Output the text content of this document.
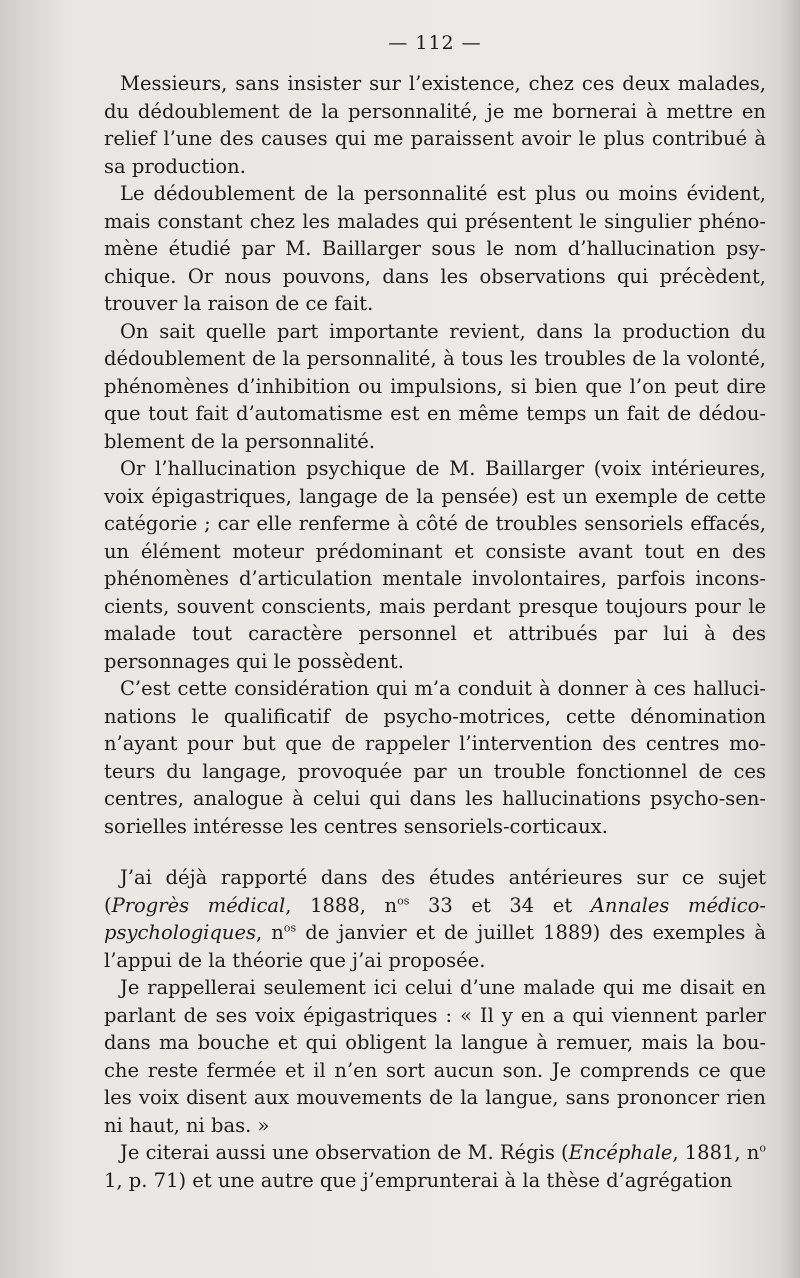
— 112 —

Messieurs, sans insister sur l’existence, chez ces deux malades, du dédoublement de la personnalité, je me bornerai à mettre en relief l’une des causes qui me paraissent avoir le plus contribué à sa production.

Le dédoublement de la personnalité est plus ou moins évident, mais constant chez les malades qui présentent le singulier phéno-mène étudié par M. Baillarger sous le nom d’hallucination psy-chique. Or nous pouvons, dans les observations qui précèdent, trouver la raison de ce fait.

On sait quelle part importante revient, dans la production du dédoublement de la personnalité, à tous les troubles de la volonté, phénomènes d’inhibition ou impulsions, si bien que l’on peut dire que tout fait d’automatisme est en même temps un fait de dédou-blement de la personnalité.

Or l’hallucination psychique de M. Baillarger (voix intérieures, voix épigastriques, langage de la pensée) est un exemple de cette catégorie ; car elle renferme à côté de troubles sensoriels effacés, un élément moteur prédominant et consiste avant tout en des phénomènes d’articulation mentale involontaires, parfois incons-cients, souvent conscients, mais perdant presque toujours pour le malade tout caractère personnel et attribués par lui à des personnages qui le possèdent.

C’est cette considération qui m’a conduit à donner à ces halluci-nations le qualificatif de psycho-motrices, cette dénomination n’ayant pour but que de rappeler l’intervention des centres mo-teurs du langage, provoquée par un trouble fonctionnel de ces centres, analogue à celui qui dans les hallucinations psycho-sen-sorielles intéresse les centres sensoriels-corticaux.

J’ai déjà rapporté dans des études antérieures sur ce sujet (Progrès médical, 1888, $n^{os}$ 33 et 34 et Annales médico-psychologiques, $n^{os}$ de janvier et de juillet 1889) des exemples à l’appui de la théorie que j’ai proposée.

Je rappellerai seulement ici celui d’une malade qui me disait en parlant de ses voix épigastriques : « Il y en a qui viennent parler dans ma bouche et qui obligent la langue à remuer, mais la bou-che reste fermée et il n’en sort aucun son. Je comprends ce que les voix disent aux mouvements de la langue, sans prononcer rien ni haut, ni bas. »

Je citerai aussi une observation de M. Régis (Encéphale, 1881, $n^o$ 1, p. 71) et une autre que j’emprunterai à la thèse d’agrégation
